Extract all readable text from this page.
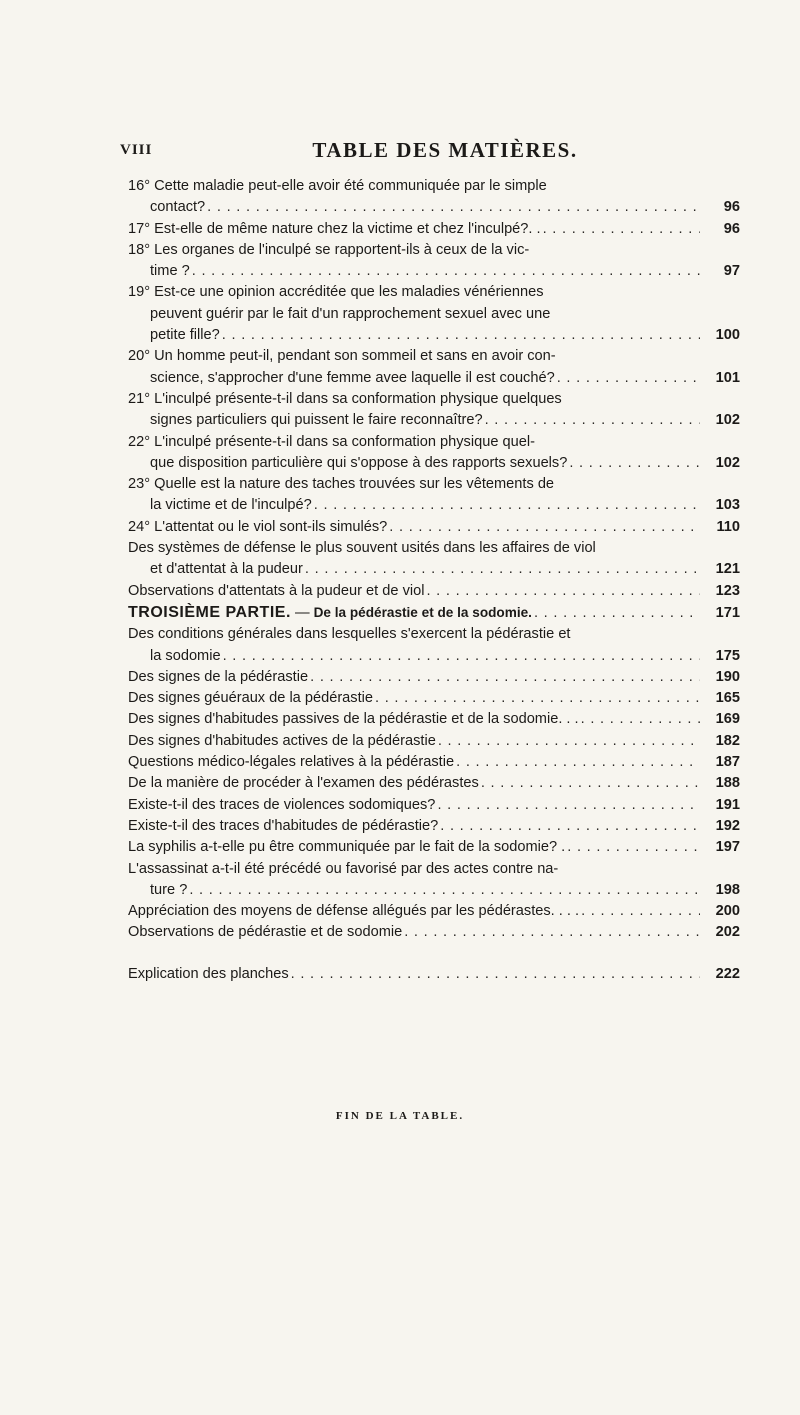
VIII	TABLE DES MATIÈRES.
16° Cette maladie peut-elle avoir été communiquée par le simple
contact? . . .	96
17° Est-elle de même nature chez la victime et chez l'inculpé?. . . . .	96
18° Les organes de l'inculpé se rapportent-ils à ceux de la vic-
time ? . . .	97
19° Est-ce une opinion accréditée que les maladies vénériennes
peuvent guérir par le fait d'un rapprochement sexuel avec une
petite fille? . . .	100
20° Un homme peut-il, pendant son sommeil et sans en avoir con-
science, s'approcher d'une femme avee laquelle il est couché? . . .	101
21° L'inculpé présente-t-il dans sa conformation physique quelques
signes particuliers qui puissent le faire reconnaître? . . .	102
22° L'inculpé présente-t-il dans sa conformation physique quel-
que disposition particulière qui s'oppose à des rapports sexuels? . . .	102
23° Quelle est la nature des taches trouvées sur les vêtements de
la victime et de l'inculpé? . . .	103
24° L'attentat ou le viol sont-ils simulés? . . .	110
Des systèmes de défense le plus souvent usités dans les affaires de viol
et d'attentat à la pudeur . . .	121
Observations d'attentats à la pudeur et de viol . . .	123
TROISIÈME PARTIE. — De la pédérastie et de la sodomie. . . .	171
Des conditions générales dans lesquelles s'exercent la pédérastie et
la sodomie . . .	175
Des signes de la pédérastie . . .	190
Des signes géuéraux de la pédérastie . . .	165
Des signes d'habitudes passives de la pédérastie et de la sodomie. . . . . .	169
Des signes d'habitudes actives de la pédérastie . . .	182
Questions médico-légales relatives à la pédérastie . . .	187
De la manière de procéder à l'examen des pédérastes . . .	188
Existe-t-il des traces de violences sodomiques? . . .	191
Existe-t-il des traces d'habitudes de pédérastie? . . .	192
La syphilis a-t-elle pu être communiquée par le fait de la sodomie? . . . .	197
L'assassinat a-t-il été précédé ou favorisé par des actes contre na-
ture ? . . .	198
Appréciation des moyens de défense allégués par les pédérastes. . . . . . .	200
Observations de pédérastie et de sodomie . . .	202
Explication des planches . . .	222
FIN DE LA TABLE.
